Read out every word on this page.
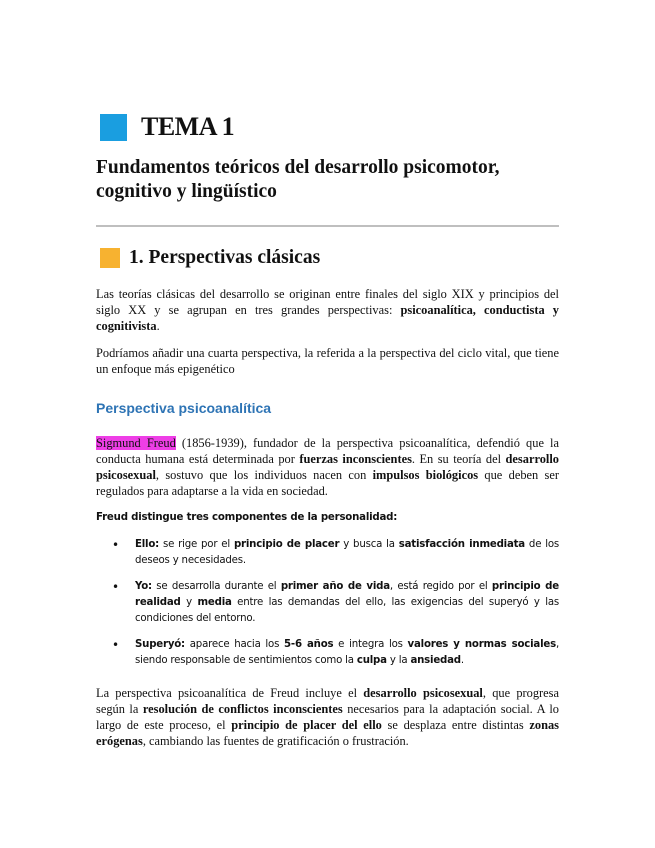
TEMA 1
Fundamentos teóricos del desarrollo psicomotor, cognitivo y lingüístico
1. Perspectivas clásicas
Las teorías clásicas del desarrollo se originan entre finales del siglo XIX y principios del siglo XX y se agrupan en tres grandes perspectivas: psicoanalítica, conductista y cognitivista.
Podríamos añadir una cuarta perspectiva, la referida a la perspectiva del ciclo vital, que tiene un enfoque más epigenético
Perspectiva psicoanalítica
Sigmund Freud (1856-1939), fundador de la perspectiva psicoanalítica, defendió que la conducta humana está determinada por fuerzas inconscientes. En su teoría del desarrollo psicosexual, sostuvo que los individuos nacen con impulsos biológicos que deben ser regulados para adaptarse a la vida en sociedad.
Freud distingue tres componentes de la personalidad:
•	Ello: se rige por el principio de placer y busca la satisfacción inmediata de los deseos y necesidades.
•	Yo: se desarrolla durante el primer año de vida, está regido por el principio de realidad y media entre las demandas del ello, las exigencias del superyó y las condiciones del entorno.
•	Superyó: aparece hacia los 5-6 años e integra los valores y normas sociales, siendo responsable de sentimientos como la culpa y la ansiedad.
La perspectiva psicoanalítica de Freud incluye el desarrollo psicosexual, que progresa según la resolución de conflictos inconscientes necesarios para la adaptación social. A lo largo de este proceso, el principio de placer del ello se desplaza entre distintas zonas erógenas, cambiando las fuentes de gratificación o frustración.
